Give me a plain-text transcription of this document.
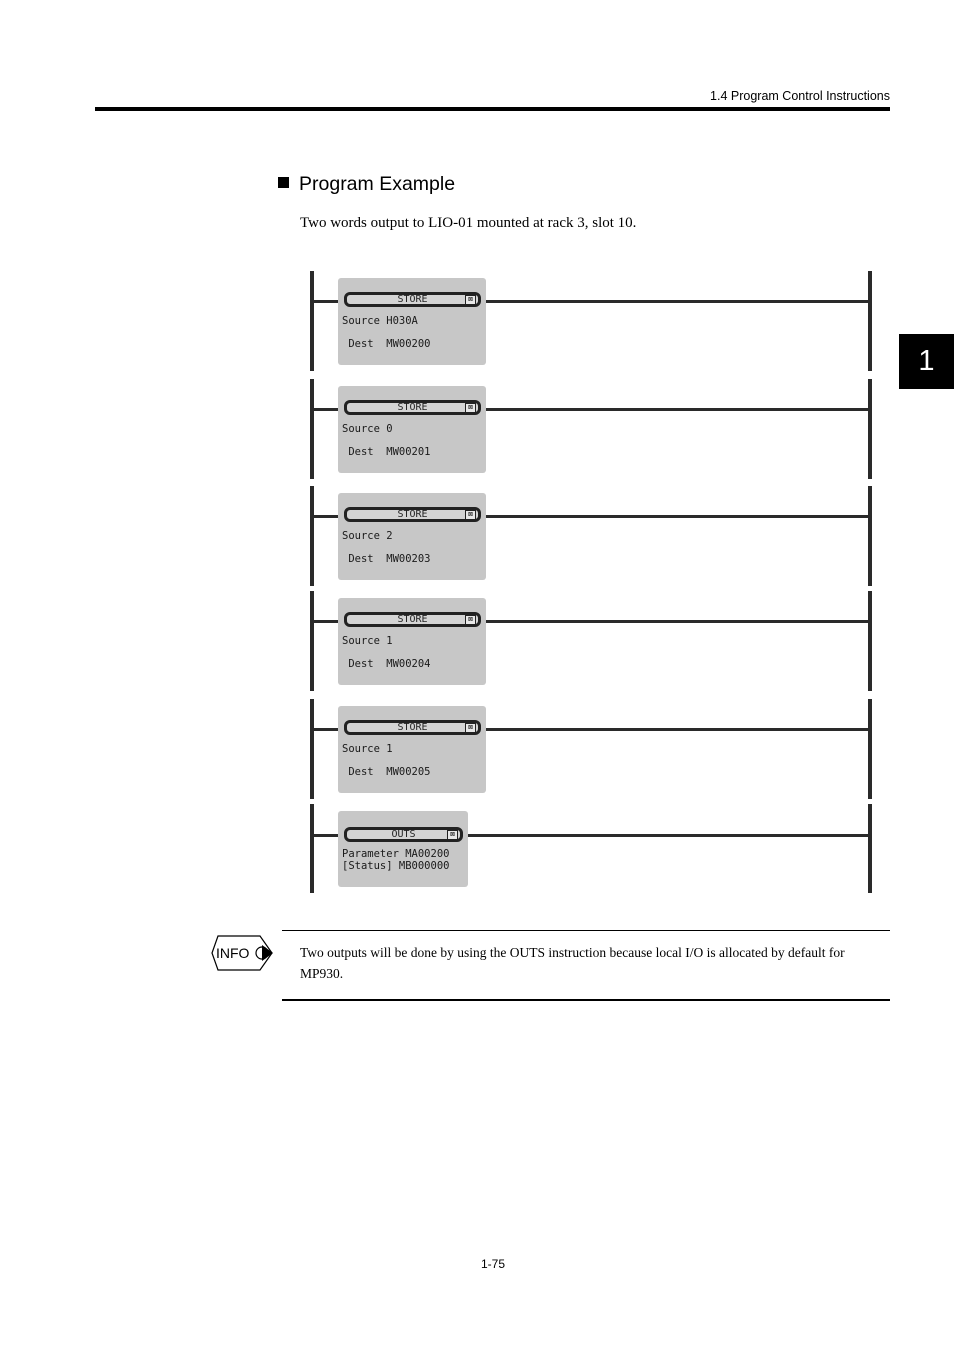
1.4 Program Control Instructions
1
Program Example
Two words output to LIO-01 mounted at rack 3, slot 10.
STORE	⊠
Source H030A
Dest  MW00200
STORE	⊠
Source 0
Dest  MW00201
STORE	⊠
Source 2
Dest  MW00203
STORE	⊠
Source 1
Dest  MW00204
STORE	⊠
Source 1
Dest  MW00205
OUTS	⊠
Parameter MA00200
[Status] MB000000
INFO	Two outputs will be done by using the OUTS instruction because local I/O is allocated by default for MP930.
1-75
